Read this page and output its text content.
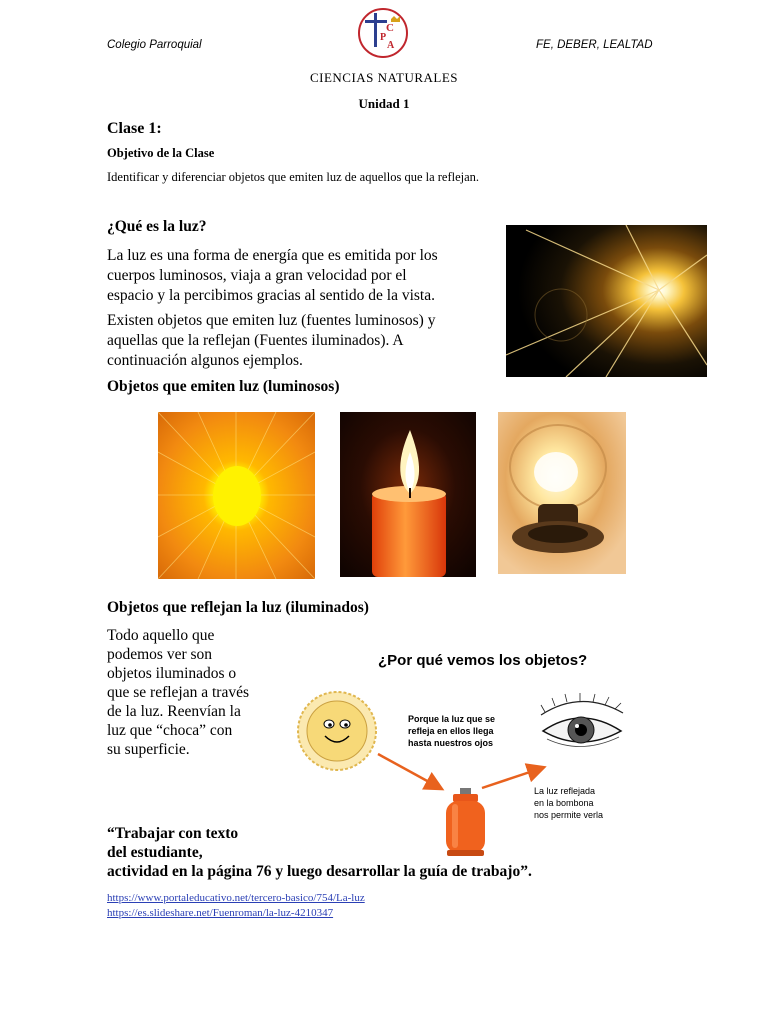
Colegio Parroquial	FE, DEBER, LEALTAD
C
P
A
CIENCIAS NATURALES
Unidad 1
Clase 1:
Objetivo de la Clase
Identificar y diferenciar objetos que emiten luz de aquellos que la reflejan.
¿Qué es la luz?
La luz es una forma de energía que es emitida por los
cuerpos luminosos, viaja a gran velocidad por el
espacio y la percibimos gracias al sentido de la vista.
Existen objetos que emiten luz (fuentes luminosos) y
aquellas que la reflejan (Fuentes iluminados). A
continuación algunos ejemplos.
Objetos que emiten luz (luminosos)
Objetos que reflejan la luz (iluminados)
Todo aquello que
podemos ver son
objetos iluminados o
que se reflejan a través
de la luz. Reenvían la
luz que “choca” con
su superficie.
¿Por qué vemos los objetos?
Porque la luz que se
refleja en ellos llega
hasta nuestros ojos
La luz reflejada
en la bombona
nos permite verla
“Trabajar con texto
del estudiante,
actividad en la página 76 y luego desarrollar la guía de trabajo”.
https://www.portaleducativo.net/tercero-basico/754/La-luz
https://es.slideshare.net/Fuenroman/la-luz-4210347
